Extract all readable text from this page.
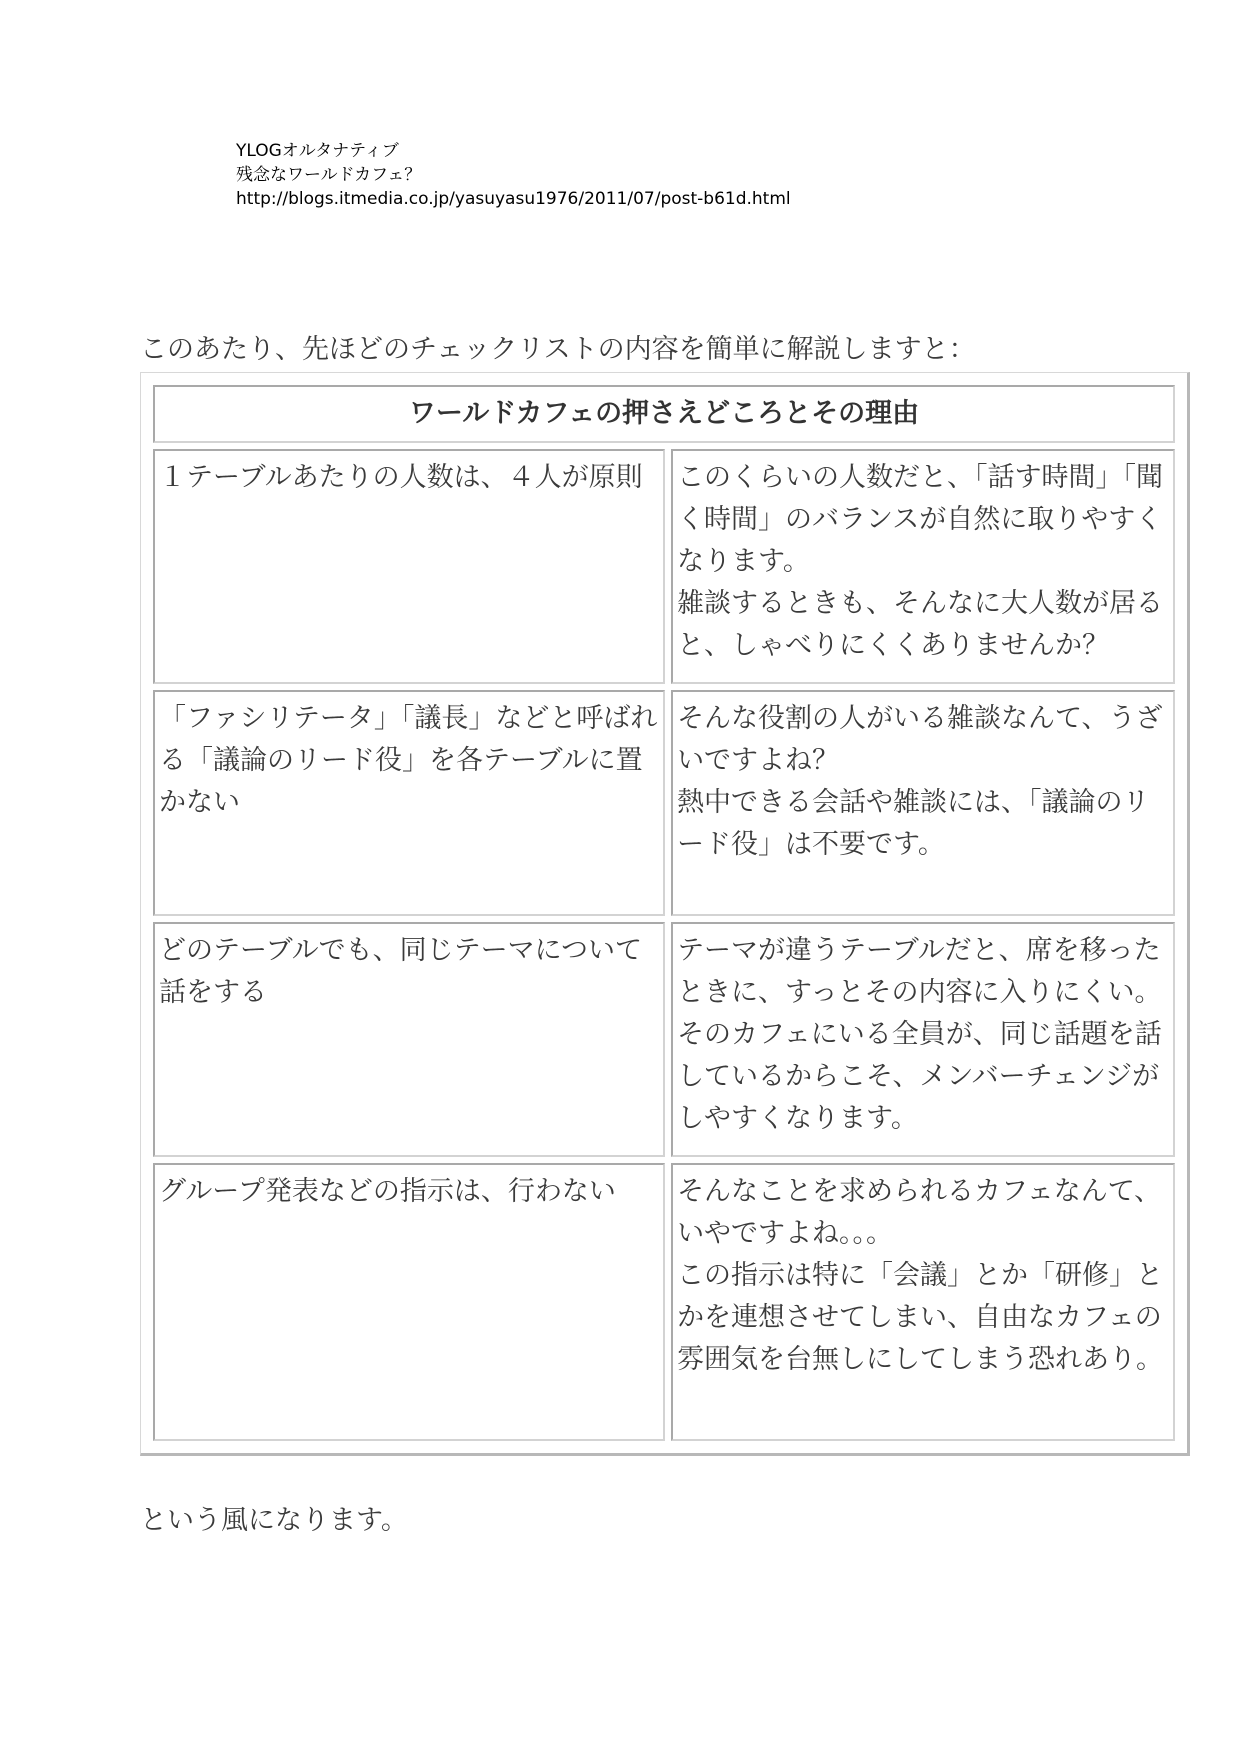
YLOGオルタナティブ
残念なワールドカフェ？
http://blogs.itmedia.co.jp/yasuyasu1976/2011/07/post-b61d.html
このあたり、先ほどのチェックリストの内容を簡単に解説しますと：
ワールドカフェの押さえどころとその理由	
１テーブルあたりの人数は、４人が原則	このくらいの人数だと、「話す時間」「聞く時間」のバランスが自然に取りやすくなります。
雑談するときも、そんなに大人数が居ると、しゃべりにくくありませんか？
「ファシリテータ」「議長」などと呼ばれる「議論のリード役」を各テーブルに置かない	そんな役割の人がいる雑談なんて、うざいですよね？
熱中できる会話や雑談には、「議論のリード役」は不要です。
どのテーブルでも、同じテーマについて話をする	テーマが違うテーブルだと、席を移ったときに、すっとその内容に入りにくい。そのカフェにいる全員が、同じ話題を話しているからこそ、メンバーチェンジがしやすくなります。
グループ発表などの指示は、行わない	そんなことを求められるカフェなんて、いやですよね。。。
この指示は特に「会議」とか「研修」とかを連想させてしまい、自由なカフェの雰囲気を台無しにしてしまう恐れあり。
という風になります。
